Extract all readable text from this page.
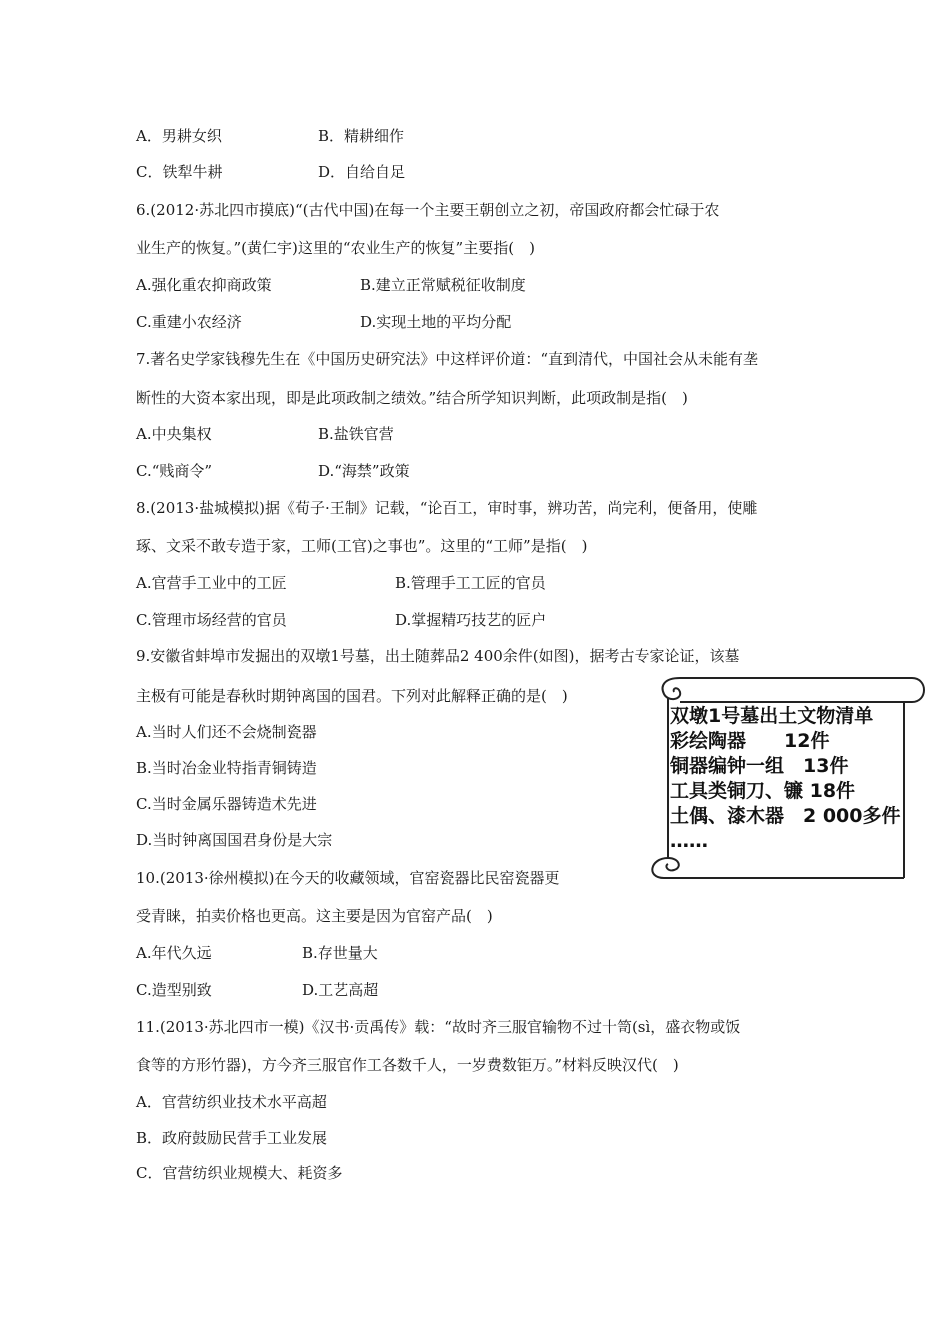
A．男耕女织	B．精耕细作
C．铁犁牛耕	D．自给自足
6.(2012·苏北四市摸底)“(古代中国)在每一个主要王朝创立之初，帝国政府都会忙碌于农
业生产的恢复。”(黄仁宇)这里的“农业生产的恢复”主要指(　)
A.强化重农抑商政策	B.建立正常赋税征收制度
C.重建小农经济	D.实现土地的平均分配
7.著名史学家钱穆先生在《中国历史研究法》中这样评价道：“直到清代，中国社会从未能有垄
断性的大资本家出现，即是此项政制之绩效。”结合所学知识判断，此项政制是指(　)
A.中央集权	B.盐铁官营
C.“贱商令”	D.“海禁”政策
8.(2013·盐城模拟)据《荀子·王制》记载，“论百工，审时事，辨功苦，尚完利，便备用，使雕
琢、文采不敢专造于家，工师(工官)之事也”。这里的“工师”是指(　)
A.官营手工业中的工匠	B.管理手工工匠的官员
C.管理市场经营的官员	D.掌握精巧技艺的匠户
9.安徽省蚌埠市发掘出的双墩1号墓，出土随葬品2 400余件(如图)，据考古专家论证，该墓
主极有可能是春秋时期钟离国的国君。下列对此解释正确的是(　)
A.当时人们还不会烧制瓷器
B.当时冶金业特指青铜铸造
C.当时金属乐器铸造术先进
D.当时钟离国国君身份是大宗
双墩1号墓出土文物清单
彩绘陶器　　12件
铜器编钟一组　13件
工具类铜刀、镰 18件
土偶、漆木器　2 000多件
……
10.(2013·徐州模拟)在今天的收藏领域，官窑瓷器比民窑瓷器更
受青睐，拍卖价格也更高。这主要是因为官窑产品(　)
A.年代久远	B.存世量大
C.造型别致	D.工艺高超
11.(2013·苏北四市一模)《汉书·贡禹传》载：“故时齐三服官输物不过十笥(sì，盛衣物或饭
食等的方形竹器)，方今齐三服官作工各数千人，一岁费数钜万。”材料反映汉代(　)
A．官营纺织业技术水平高超
B．政府鼓励民营手工业发展
C．官营纺织业规模大、耗资多
